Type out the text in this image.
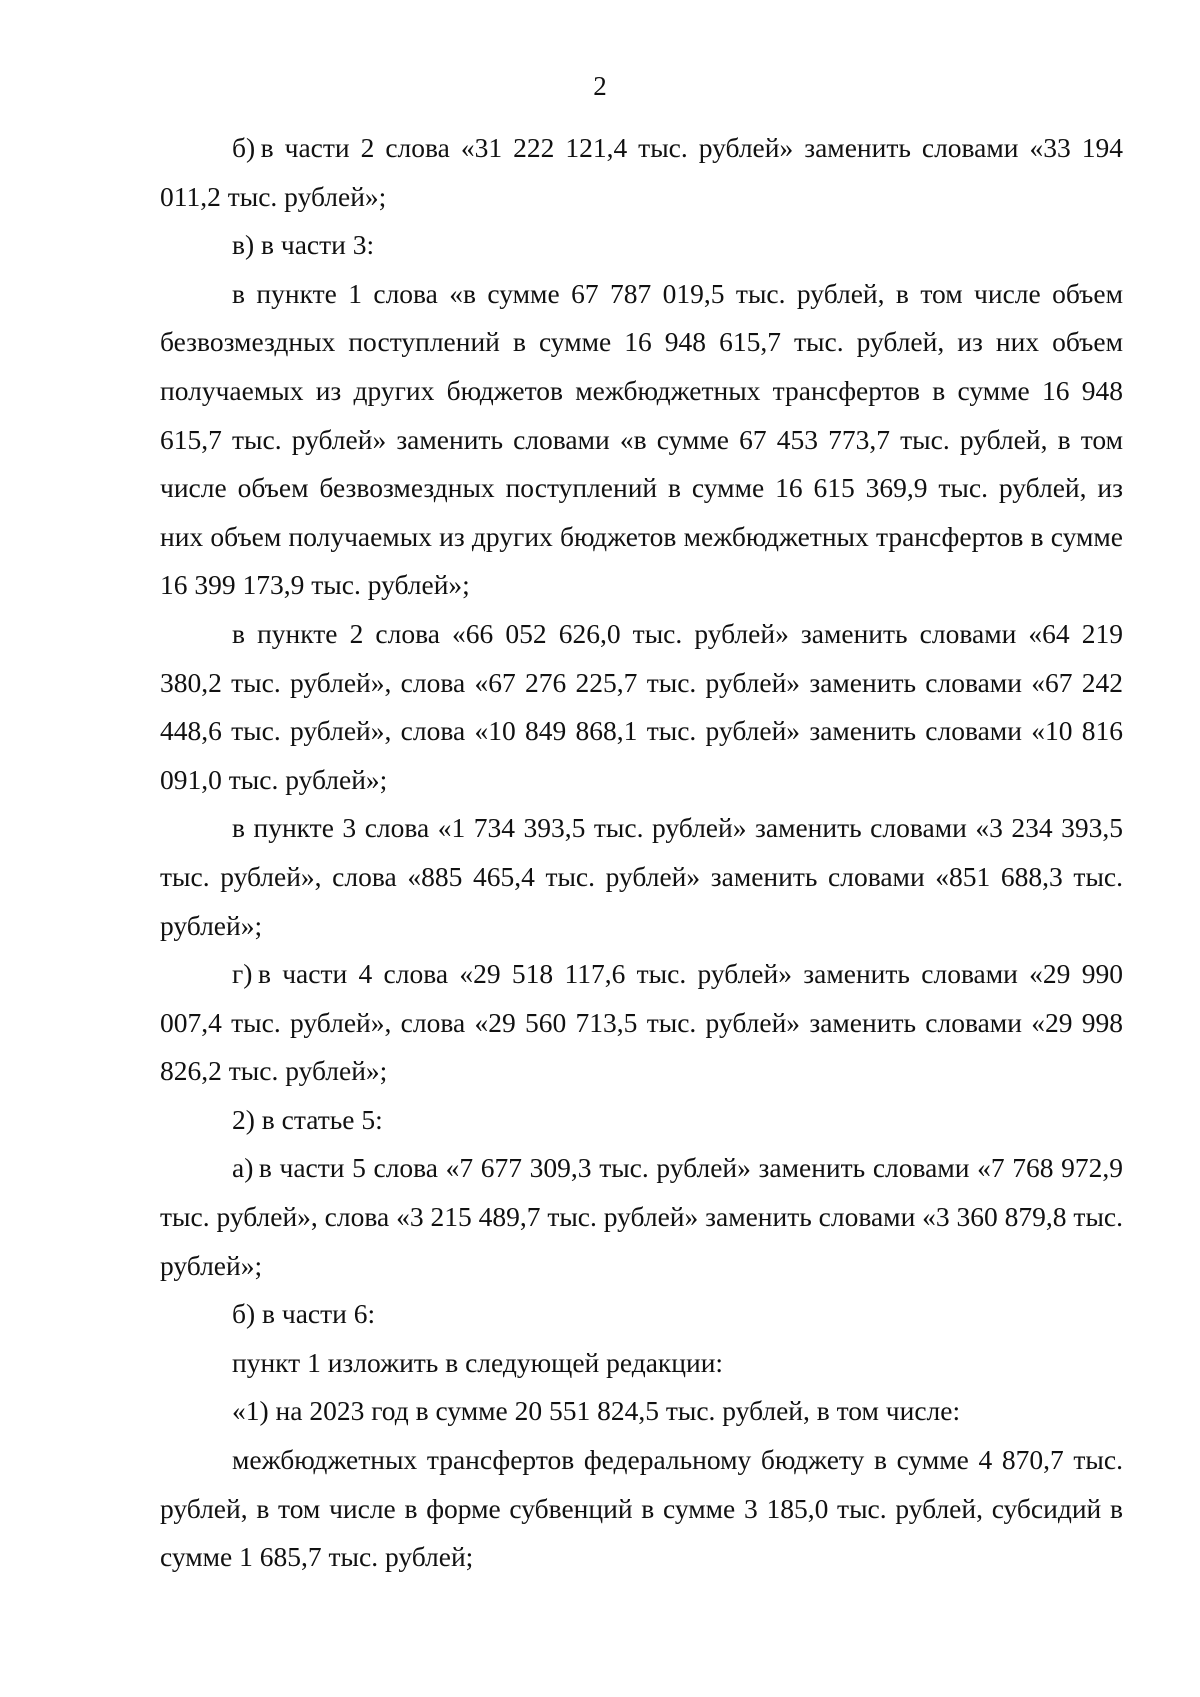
2

б) в части 2 слова «31 222 121,4 тыс. рублей» заменить словами «33 194 011,2 тыс. рублей»;

в) в части 3:

в пункте 1 слова «в сумме 67 787 019,5 тыс. рублей, в том числе объем безвозмездных поступлений в сумме 16 948 615,7 тыс. рублей, из них объем получаемых из других бюджетов межбюджетных трансфертов в сумме 16 948 615,7 тыс. рублей» заменить словами «в сумме 67 453 773,7 тыс. рублей, в том числе объем безвозмездных поступлений в сумме 16 615 369,9 тыс. рублей, из них объем получаемых из других бюджетов межбюджетных трансфертов в сумме 16 399 173,9 тыс. рублей»;

в пункте 2 слова «66 052 626,0 тыс. рублей» заменить словами «64 219 380,2 тыс. рублей», слова «67 276 225,7 тыс. рублей» заменить словами «67 242 448,6 тыс. рублей», слова «10 849 868,1 тыс. рублей» заменить словами «10 816 091,0 тыс. рублей»;

в пункте 3 слова «1 734 393,5 тыс. рублей» заменить словами «3 234 393,5 тыс. рублей», слова «885 465,4 тыс. рублей» заменить словами «851 688,3 тыс. рублей»;

г) в части 4 слова «29 518 117,6 тыс. рублей» заменить словами «29 990 007,4 тыс. рублей», слова «29 560 713,5 тыс. рублей» заменить словами «29 998 826,2 тыс. рублей»;

2) в статье 5:

а) в части 5 слова «7 677 309,3 тыс. рублей» заменить словами «7 768 972,9 тыс. рублей», слова «3 215 489,7 тыс. рублей» заменить словами «3 360 879,8 тыс. рублей»;

б) в части 6:

пункт 1 изложить в следующей редакции:

«1) на 2023 год в сумме 20 551 824,5 тыс. рублей, в том числе:

межбюджетных трансфертов федеральному бюджету в сумме 4 870,7 тыс. рублей, в том числе в форме субвенций в сумме 3 185,0 тыс. рублей, субсидий в сумме 1 685,7 тыс. рублей;
